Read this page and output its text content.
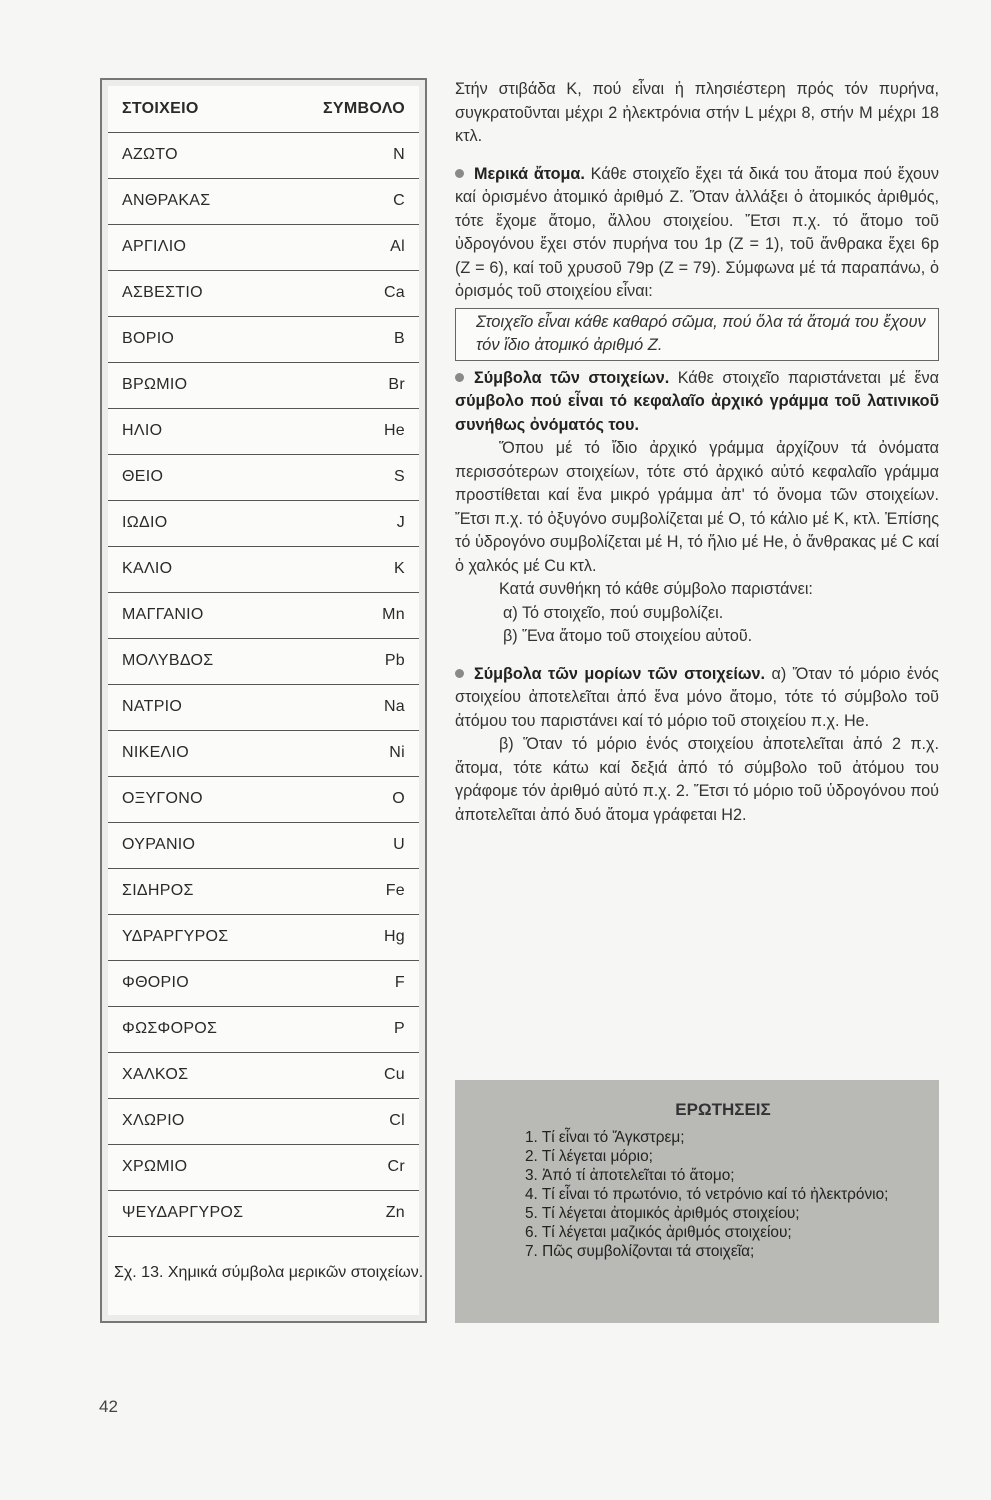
ΣΤΟΙΧΕΙΟ	ΣΥΜΒΟΛΟ
ΑΖΩΤΟ	N
ΑΝΘΡΑΚΑΣ	C
ΑΡΓΙΛΙΟ	Al
ΑΣΒΕΣΤΙΟ	Ca
ΒΟΡΙΟ	B
ΒΡΩΜΙΟ	Br
ΗΛΙΟ	He
ΘΕΙΟ	S
ΙΩΔΙΟ	J
ΚΑΛΙΟ	K
ΜΑΓΓΑΝΙΟ	Mn
ΜΟΛΥΒΔΟΣ	Pb
ΝΑΤΡΙΟ	Na
ΝΙΚΕΛΙΟ	Ni
ΟΞΥΓΟΝΟ	O
ΟΥΡΑΝΙΟ	U
ΣΙΔΗΡΟΣ	Fe
ΥΔΡΑΡΓΥΡΟΣ	Hg
ΦΘΟΡΙΟ	F
ΦΩΣΦΟΡΟΣ	P
ΧΑΛΚΟΣ	Cu
ΧΛΩΡΙΟ	Cl
ΧΡΩΜΙΟ	Cr
ΨΕΥΔΑΡΓΥΡΟΣ	Zn
Σχ. 13. Χημικά σύμβολα μερικῶν στοιχείων.

Στήν στιβάδα Κ, πού εἶναι ἡ πλησιέστερη πρός τόν πυρήνα, συγκρατοῦνται μέχρι 2 ἠλεκτρόνια στήν L μέχρι 8, στήν Μ μέχρι 18 κτλ.

Μερικά ἄτομα. Κάθε στοιχεῖο ἔχει τά δικά του ἄτομα πού ἔχουν καί ὁρισμένο ἀτομικό ἀριθμό Ζ. Ὅταν ἀλλάξει ὁ ἀτομικός ἀριθμός, τότε ἔχομε ἄτομο, ἄλλου στοιχείου. Ἔτσι π.χ. τό ἄτομο τοῦ ὑδρογόνου ἔχει στόν πυρήνα του 1p (Ζ = 1), τοῦ ἄνθρακα ἔχει 6p (Ζ = 6), καί τοῦ χρυσοῦ 79p (Ζ = 79). Σύμφωνα μέ τά παραπάνω, ὁ ὁρισμός τοῦ στοιχείου εἶναι:

Στοιχεῖο εἶναι κάθε καθαρό σῶμα, πού ὅλα τά ἄτομά του ἔχουν τόν ἴδιο ἀτομικό ἀριθμό Ζ.

Σύμβολα τῶν στοιχείων. Κάθε στοιχεῖο παριστάνεται μέ ἕνα σύμβολο πού εἶναι τό κεφαλαῖο ἀρχικό γράμμα τοῦ λατινικοῦ συνήθως ὀνόματός του.

Ὅπου μέ τό ἴδιο ἀρχικό γράμμα ἀρχίζουν τά ὀνόματα περισσότερων στοιχείων, τότε στό ἀρχικό αὐτό κεφαλαῖο γράμμα προστίθεται καί ἕνα μικρό γράμμα ἀπ' τό ὄνομα τῶν στοιχείων. Ἔτσι π.χ. τό ὀξυγόνο συμβολίζεται μέ Ο, τό κάλιο μέ Κ, κτλ. Ἐπίσης τό ὑδρογόνο συμβολίζεται μέ Η, τό ἥλιο μέ He, ὁ ἄνθρακας μέ C καί ὁ χαλκός μέ Cu κτλ.

Κατά συνθήκη τό κάθε σύμβολο παριστάνει:

α) Τό στοιχεῖο, πού συμβολίζει.

β) Ἕνα ἄτομο τοῦ στοιχείου αὐτοῦ.

Σύμβολα τῶν μορίων τῶν στοιχείων. α) Ὅταν τό μόριο ἑνός στοιχείου ἀποτελεῖται ἀπό ἕνα μόνο ἄτομο, τότε τό σύμβολο τοῦ ἀτόμου του παριστάνει καί τό μόριο τοῦ στοιχείου π.χ. He.

β) Ὅταν τό μόριο ἑνός στοιχείου ἀποτελεῖται ἀπό 2 π.χ. ἄτομα, τότε κάτω καί δεξιά ἀπό τό σύμβολο τοῦ ἀτόμου του γράφομε τόν ἀριθμό αὐτό π.χ. 2. Ἔτσι τό μόριο τοῦ ὑδρογόνου πού ἀποτελεῖται ἀπό δυό ἄτομα γράφεται H2.

ΕΡΩΤΗΣΕΙΣ

1. Τί εἶναι τό Ἄγκστρεμ;

2. Τί λέγεται μόριο;

3. Ἀπό τί ἀποτελεῖται τό ἄτομο;

4. Τί εἶναι τό πρωτόνιο, τό νετρόνιο καί τό ἠλεκτρόνιο;

5. Τί λέγεται ἀτομικός ἀριθμός στοιχείου;

6. Τί λέγεται μαζικός ἀριθμός στοιχείου;

7. Πῶς συμβολίζονται τά στοιχεῖα;

42
